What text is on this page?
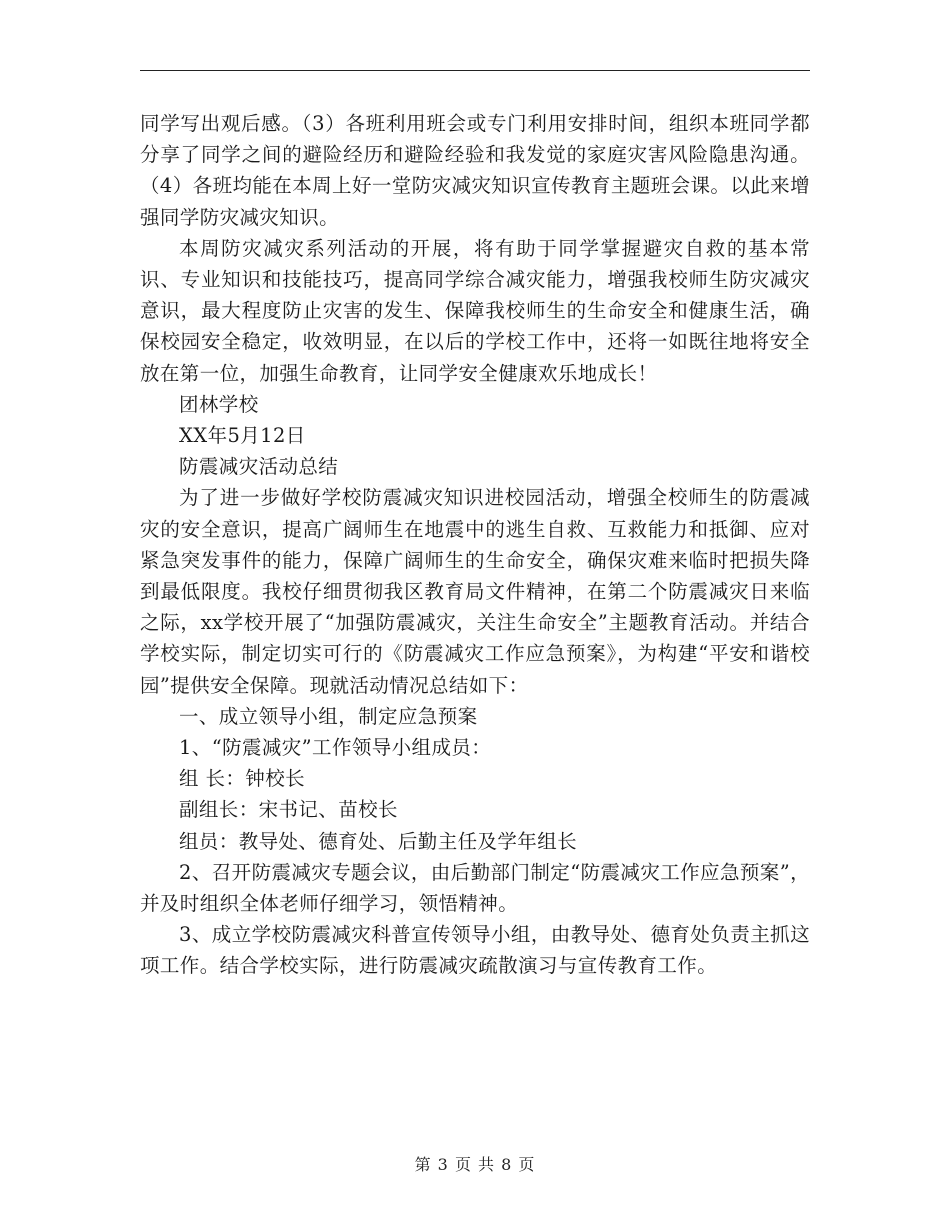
同学写出观后感。（3）各班利用班会或专门利用安排时间，组织本班同学都分享了同学之间的避险经历和避险经验和我发觉的家庭灾害风险隐患沟通。（4）各班均能在本周上好一堂防灾减灾知识宣传教育主题班会课。以此来增强同学防灾减灾知识。

本周防灾减灾系列活动的开展，将有助于同学掌握避灾自救的基本常识、专业知识和技能技巧，提高同学综合减灾能力，增强我校师生防灾减灾意识，最大程度防止灾害的发生、保障我校师生的生命安全和健康生活，确保校园安全稳定，收效明显，在以后的学校工作中，还将一如既往地将安全放在第一位，加强生命教育，让同学安全健康欢乐地成长！

团林学校

XX年5月12日

防震减灾活动总结

为了进一步做好学校防震减灾知识进校园活动，增强全校师生的防震减灾的安全意识，提高广阔师生在地震中的逃生自救、互救能力和抵御、应对紧急突发事件的能力，保障广阔师生的生命安全，确保灾难来临时把损失降到最低限度。我校仔细贯彻我区教育局文件精神，在第二个防震减灾日来临之际，xx学校开展了“加强防震减灾，关注生命安全”主题教育活动。并结合学校实际，制定切实可行的《防震减灾工作应急预案》，为构建“平安和谐校园”提供安全保障。现就活动情况总结如下：

一、成立领导小组，制定应急预案

1、“防震减灾”工作领导小组成员：

组 长：钟校长

副组长：宋书记、苗校长

组员：教导处、德育处、后勤主任及学年组长

2、召开防震减灾专题会议，由后勤部门制定“防震减灾工作应急预案”，并及时组织全体老师仔细学习，领悟精神。

3、成立学校防震减灾科普宣传领导小组，由教导处、德育处负责主抓这项工作。结合学校实际，进行防震减灾疏散演习与宣传教育工作。

第 3 页 共 8 页
